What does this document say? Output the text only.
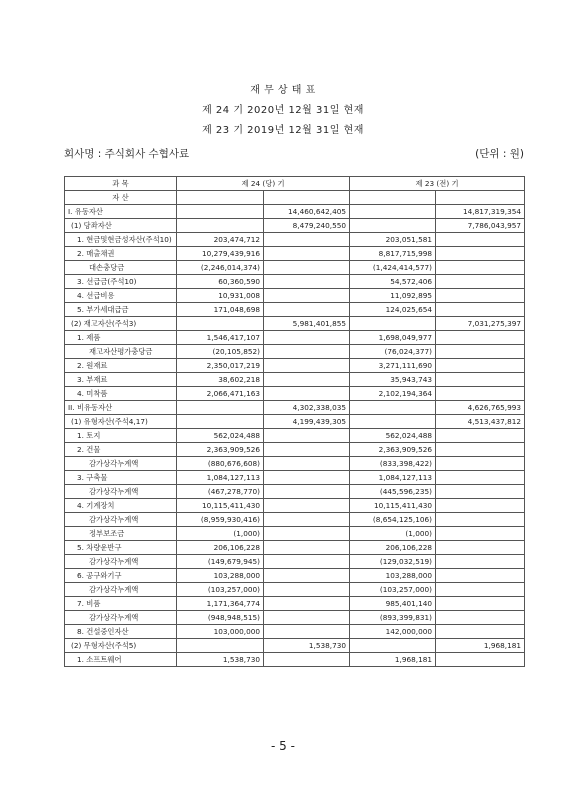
재 무 상 태 표
제 24 기 2020년 12월 31일 현재
제 23 기 2019년 12월 31일 현재
회사명 : 주식회사 수협사료	(단위 : 원)
과 목	제 24 (당) 기		제 23 (전) 기	
자 산				
I. 유동자산		14,460,642,405		14,817,319,354
(1) 당좌자산		8,479,240,550		7,786,043,957
1. 현금및현금성자산(주석10)	203,474,712		203,051,581	
2. 매출채권	10,279,439,916		8,817,715,998	
대손충당금	(2,246,014,374)		(1,424,414,577)	
3. 선급금(주석10)	60,360,590		54,572,406	
4. 선급비용	10,931,008		11,092,895	
5. 부가세대급금	171,048,698		124,025,654	
(2) 재고자산(주석3)		5,981,401,855		7,031,275,397
1. 제품	1,546,417,107		1,698,049,977	
재고자산평가충당금	(20,105,852)		(76,024,377)	
2. 원재료	2,350,017,219		3,271,111,690	
3. 부재료	38,602,218		35,943,743	
4. 미착품	2,066,471,163		2,102,194,364	
II. 비유동자산		4,302,338,035		4,626,765,993
(1) 유형자산(주석4,17)		4,199,439,305		4,513,437,812
1. 토지	562,024,488		562,024,488	
2. 건물	2,363,909,526		2,363,909,526	
감가상각누계액	(880,676,608)		(833,398,422)	
3. 구축물	1,084,127,113		1,084,127,113	
감가상각누계액	(467,278,770)		(445,596,235)	
4. 기계장치	10,115,411,430		10,115,411,430	
감가상각누계액	(8,959,930,416)		(8,654,125,106)	
정부보조금	(1,000)		(1,000)	
5. 차량운반구	206,106,228		206,106,228	
감가상각누계액	(149,679,945)		(129,032,519)	
6. 공구와기구	103,288,000		103,288,000	
감가상각누계액	(103,257,000)		(103,257,000)	
7. 비품	1,171,364,774		985,401,140	
감가상각누계액	(948,948,515)		(893,399,831)	
8. 건설중인자산	103,000,000		142,000,000	
(2) 무형자산(주석5)		1,538,730		1,968,181
1. 소프트웨어	1,538,730		1,968,181	
- 5 -
